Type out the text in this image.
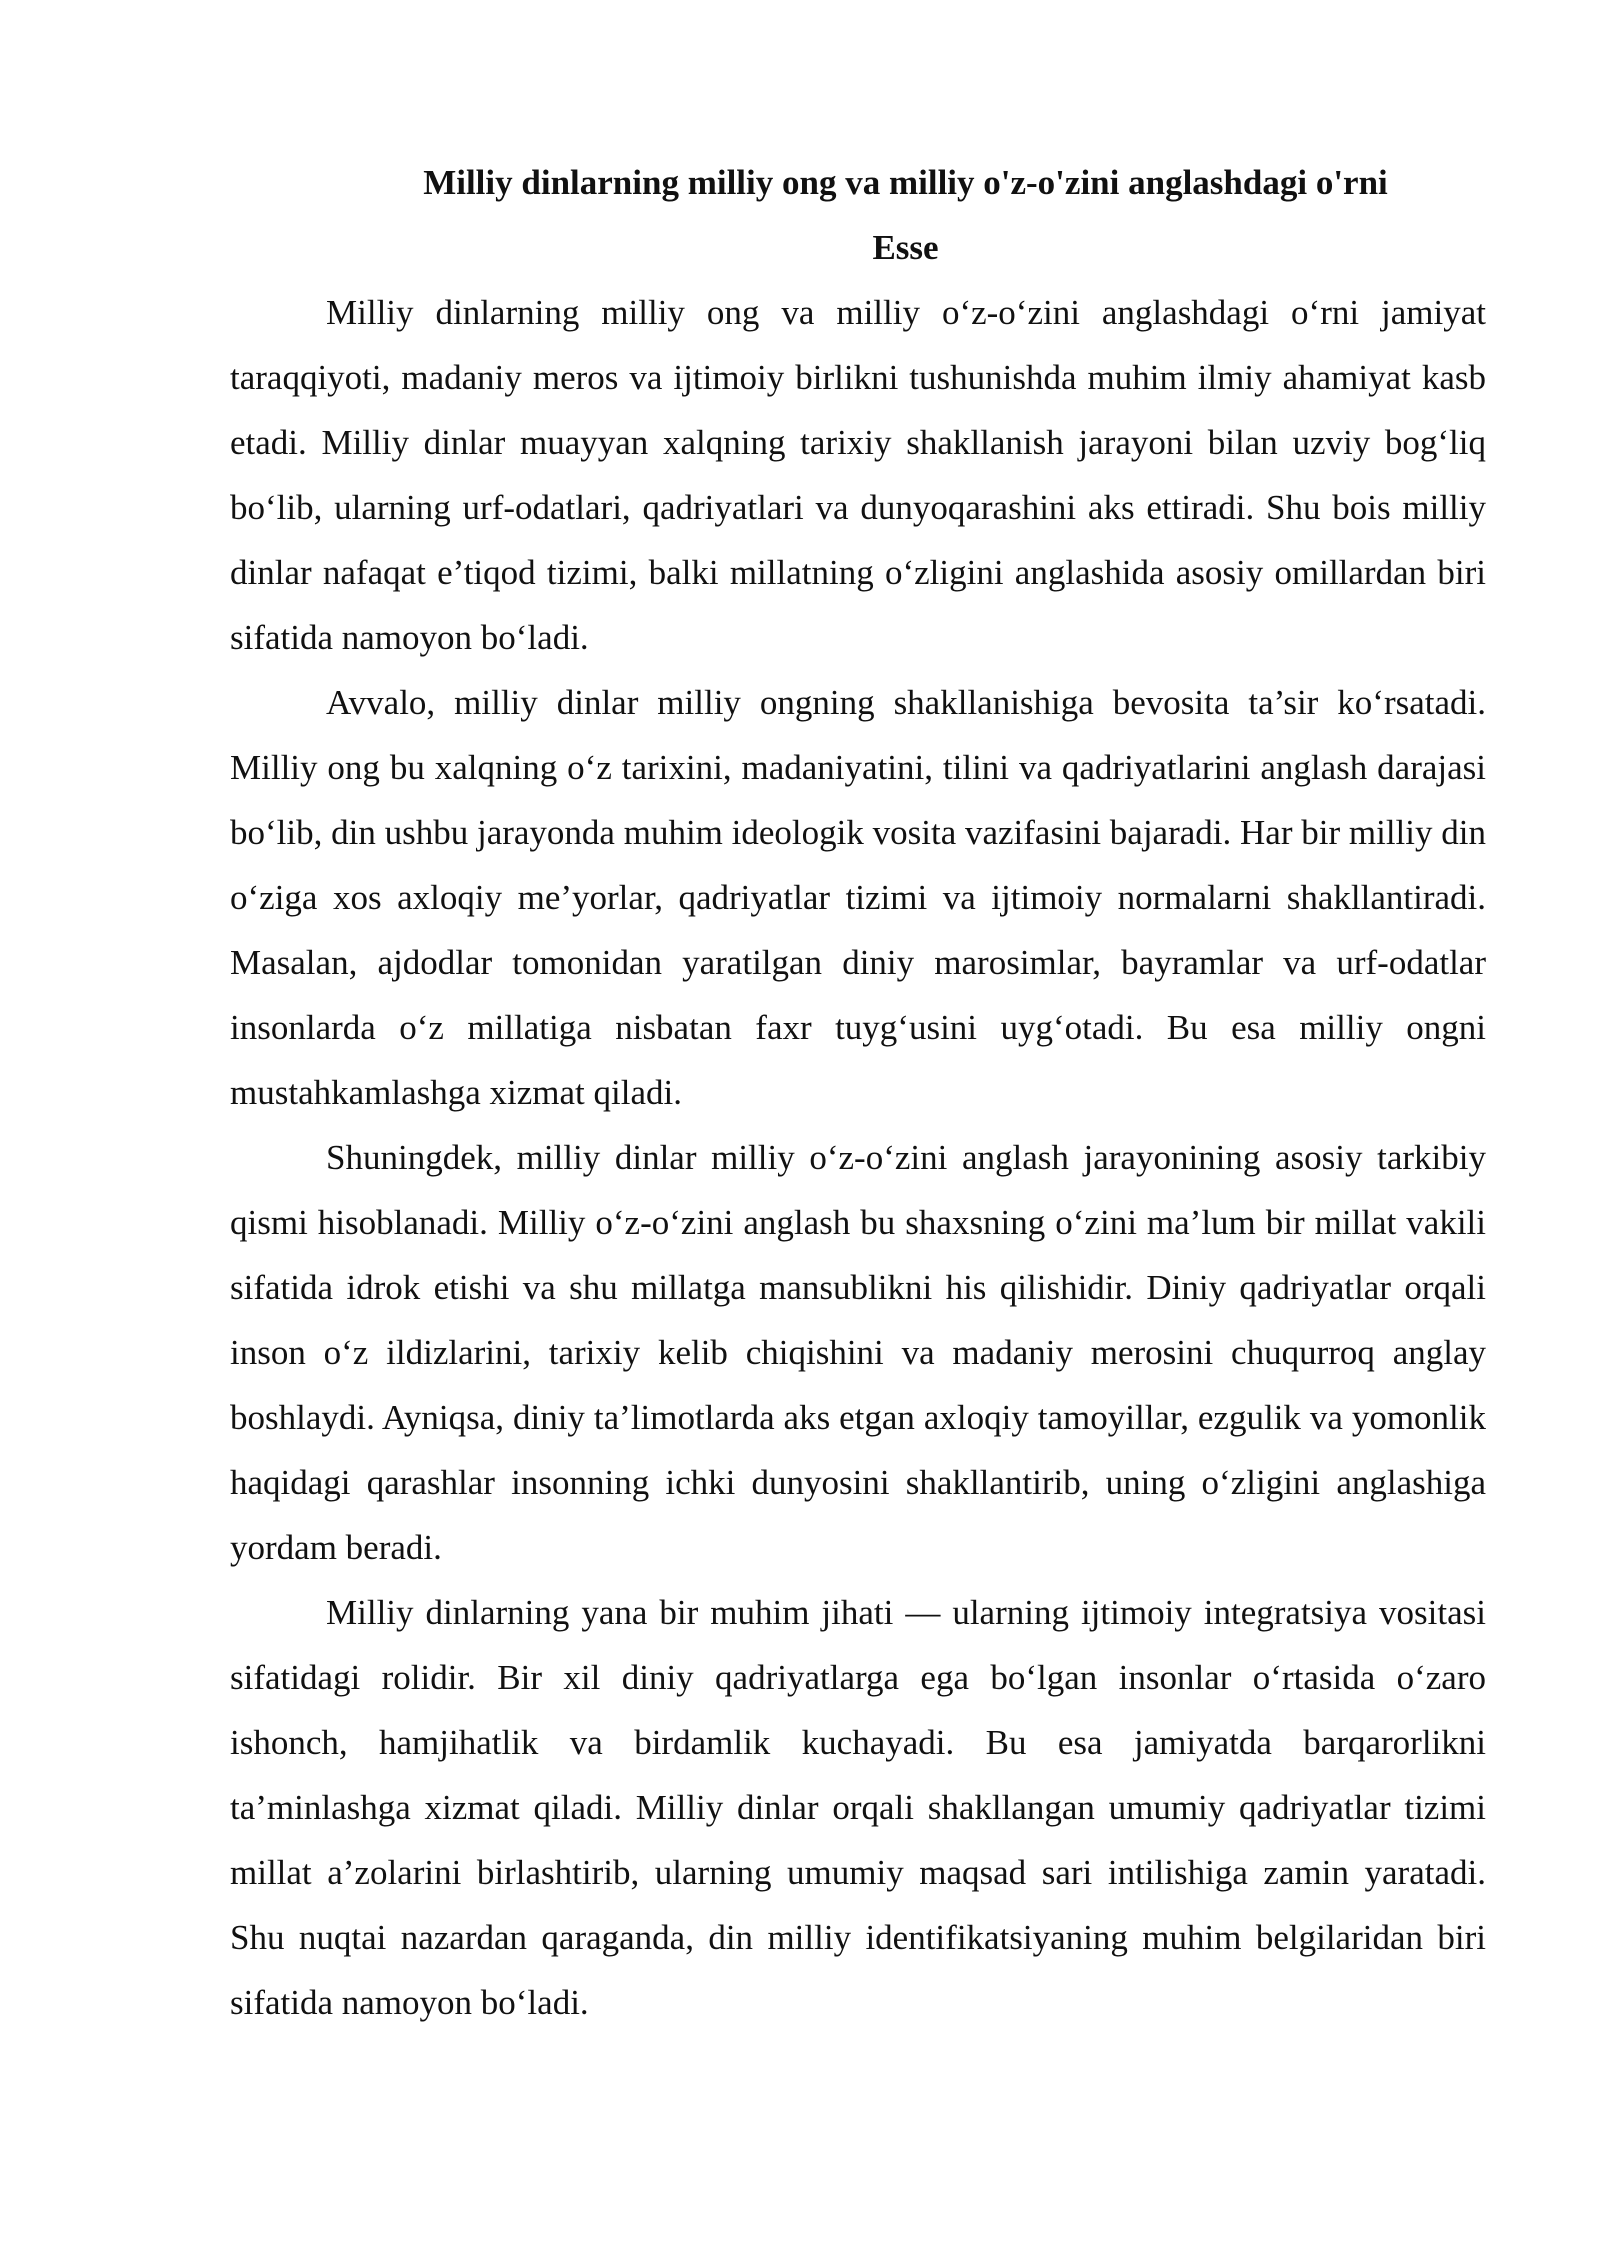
Milliy dinlarning milliy ong va milliy o'z-o'zini anglashdagi o'rni
Esse

Milliy dinlarning milliy ong va milliy o‘z-o‘zini anglashdagi o‘rni jamiyat taraqqiyoti, madaniy meros va ijtimoiy birlikni tushunishda muhim ilmiy ahamiyat kasb etadi. Milliy dinlar muayyan xalqning tarixiy shakllanish jarayoni bilan uzviy bog‘liq bo‘lib, ularning urf-odatlari, qadriyatlari va dunyoqarashini aks ettiradi. Shu bois milliy dinlar nafaqat e’tiqod tizimi, balki millatning o‘zligini anglashida asosiy omillardan biri sifatida namoyon bo‘ladi.

Avvalo, milliy dinlar milliy ongning shakllanishiga bevosita ta’sir ko‘rsatadi. Milliy ong bu xalqning o‘z tarixini, madaniyatini, tilini va qadriyatlarini anglash darajasi bo‘lib, din ushbu jarayonda muhim ideologik vosita vazifasini bajaradi. Har bir milliy din o‘ziga xos axloqiy me’yorlar, qadriyatlar tizimi va ijtimoiy normalarni shakllantiradi. Masalan, ajdodlar tomonidan yaratilgan diniy marosimlar, bayramlar va urf-odatlar insonlarda o‘z millatiga nisbatan faxr tuyg‘usini uyg‘otadi. Bu esa milliy ongni mustahkamlashga xizmat qiladi.

Shuningdek, milliy dinlar milliy o‘z-o‘zini anglash jarayonining asosiy tarkibiy qismi hisoblanadi. Milliy o‘z-o‘zini anglash bu shaxsning o‘zini ma’lum bir millat vakili sifatida idrok etishi va shu millatga mansublikni his qilishidir. Diniy qadriyatlar orqali inson o‘z ildizlarini, tarixiy kelib chiqishini va madaniy merosini chuqurroq anglay boshlaydi. Ayniqsa, diniy ta’limotlarda aks etgan axloqiy tamoyillar, ezgulik va yomonlik haqidagi qarashlar insonning ichki dunyosini shakllantirib, uning o‘zligini anglashiga yordam beradi.

Milliy dinlarning yana bir muhim jihati — ularning ijtimoiy integratsiya vositasi sifatidagi rolidir. Bir xil diniy qadriyatlarga ega bo‘lgan insonlar o‘rtasida o‘zaro ishonch, hamjihatlik va birdamlik kuchayadi. Bu esa jamiyatda barqarorlikni ta’minlashga xizmat qiladi. Milliy dinlar orqali shakllangan umumiy qadriyatlar tizimi millat a’zolarini birlashtirib, ularning umumiy maqsad sari intilishiga zamin yaratadi. Shu nuqtai nazardan qaraganda, din milliy identifikatsiyaning muhim belgilaridan biri sifatida namoyon bo‘ladi.
